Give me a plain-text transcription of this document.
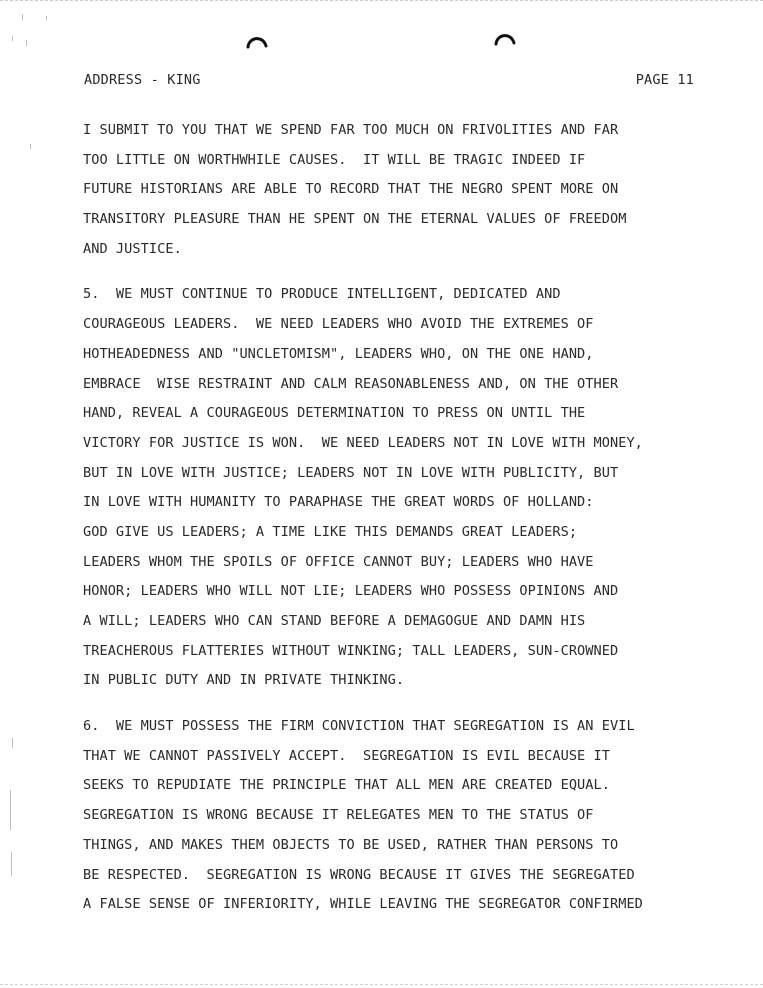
ADDRESS - KING	PAGE 11
I SUBMIT TO YOU THAT WE SPEND FAR TOO MUCH ON FRIVOLITIES AND FAR
TOO LITTLE ON WORTHWHILE CAUSES.  IT WILL BE TRAGIC INDEED IF
FUTURE HISTORIANS ARE ABLE TO RECORD THAT THE NEGRO SPENT MORE ON
TRANSITORY PLEASURE THAN HE SPENT ON THE ETERNAL VALUES OF FREEDOM
AND JUSTICE.
5.  WE MUST CONTINUE TO PRODUCE INTELLIGENT, DEDICATED AND
COURAGEOUS LEADERS.  WE NEED LEADERS WHO AVOID THE EXTREMES OF
HOTHEADEDNESS AND "UNCLETOMISM", LEADERS WHO, ON THE ONE HAND,
EMBRACE  WISE RESTRAINT AND CALM REASONABLENESS AND, ON THE OTHER
HAND, REVEAL A COURAGEOUS DETERMINATION TO PRESS ON UNTIL THE
VICTORY FOR JUSTICE IS WON.  WE NEED LEADERS NOT IN LOVE WITH MONEY,
BUT IN LOVE WITH JUSTICE; LEADERS NOT IN LOVE WITH PUBLICITY, BUT
IN LOVE WITH HUMANITY TO PARAPHASE THE GREAT WORDS OF HOLLAND:
GOD GIVE US LEADERS; A TIME LIKE THIS DEMANDS GREAT LEADERS;
LEADERS WHOM THE SPOILS OF OFFICE CANNOT BUY; LEADERS WHO HAVE
HONOR; LEADERS WHO WILL NOT LIE; LEADERS WHO POSSESS OPINIONS AND
A WILL; LEADERS WHO CAN STAND BEFORE A DEMAGOGUE AND DAMN HIS
TREACHEROUS FLATTERIES WITHOUT WINKING; TALL LEADERS, SUN-CROWNED
IN PUBLIC DUTY AND IN PRIVATE THINKING.
6.  WE MUST POSSESS THE FIRM CONVICTION THAT SEGREGATION IS AN EVIL
THAT WE CANNOT PASSIVELY ACCEPT.  SEGREGATION IS EVIL BECAUSE IT
SEEKS TO REPUDIATE THE PRINCIPLE THAT ALL MEN ARE CREATED EQUAL.
SEGREGATION IS WRONG BECAUSE IT RELEGATES MEN TO THE STATUS OF
THINGS, AND MAKES THEM OBJECTS TO BE USED, RATHER THAN PERSONS TO
BE RESPECTED.  SEGREGATION IS WRONG BECAUSE IT GIVES THE SEGREGATED
A FALSE SENSE OF INFERIORITY, WHILE LEAVING THE SEGREGATOR CONFIRMED
